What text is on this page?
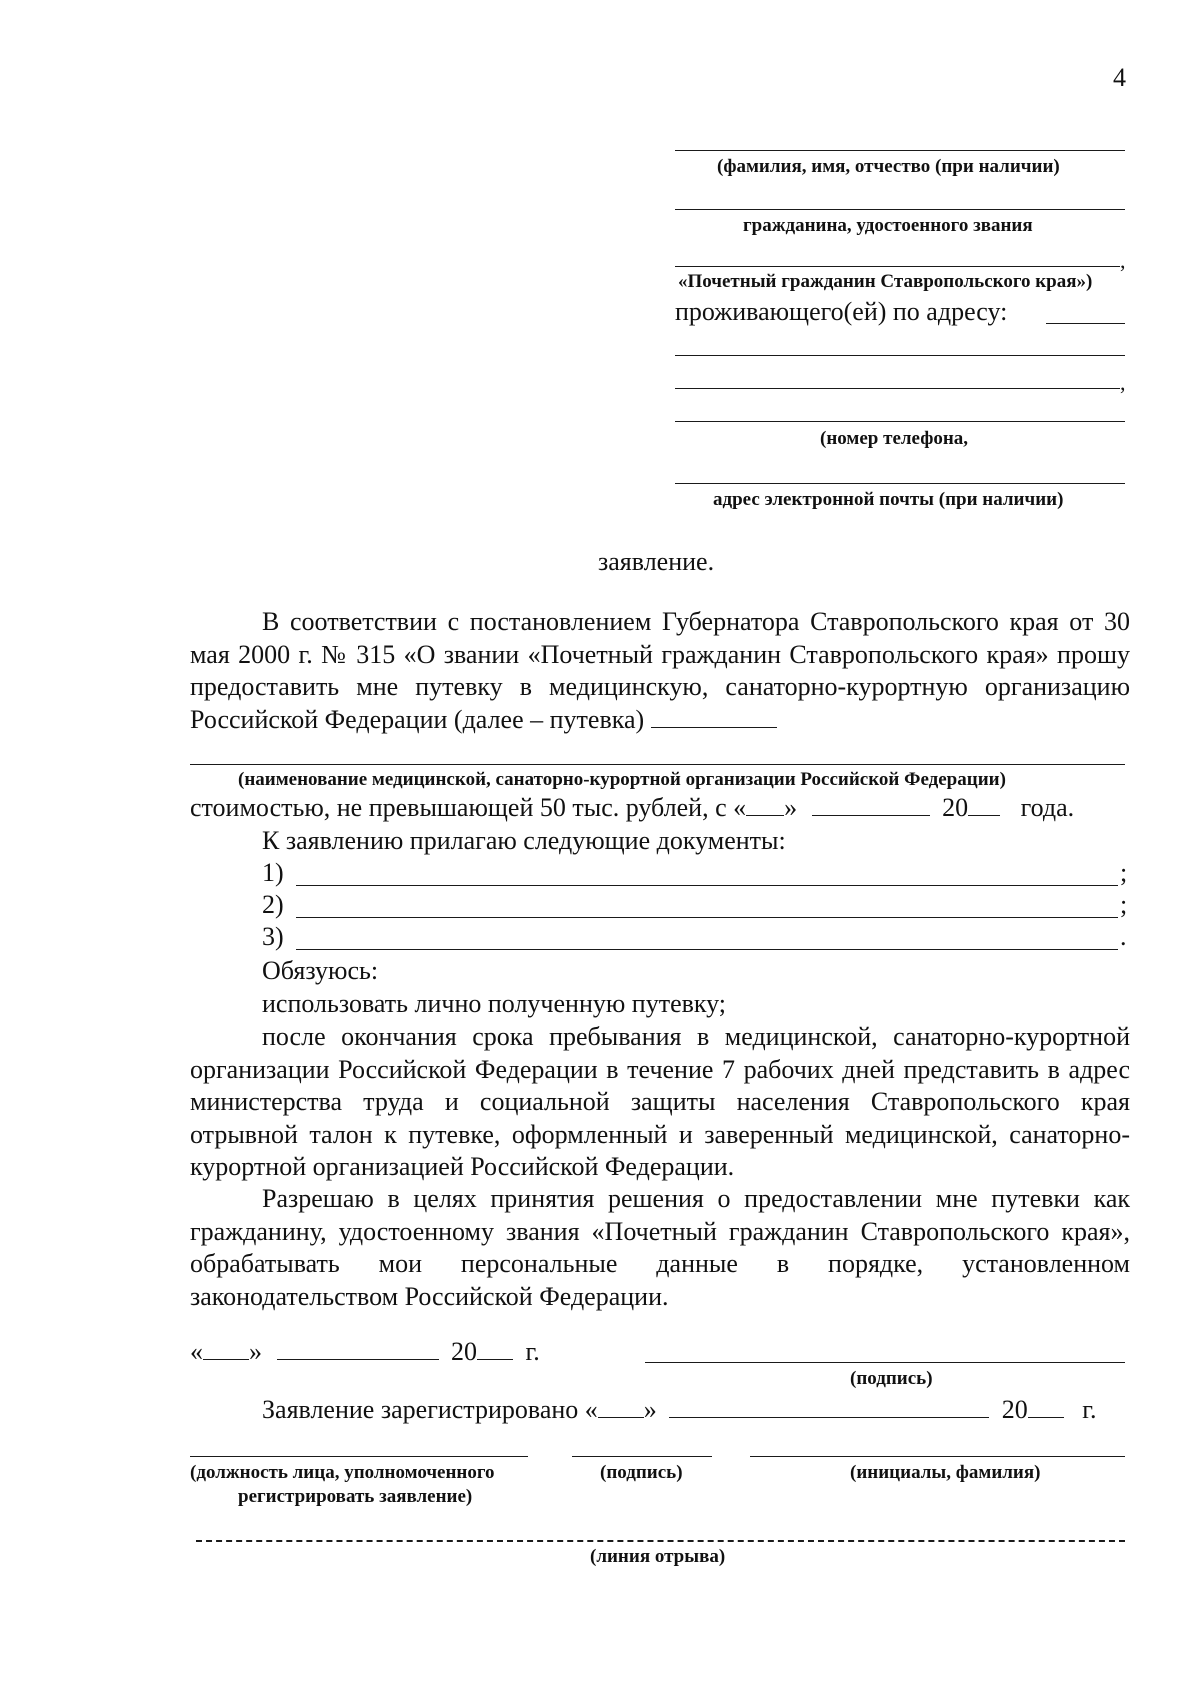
4
(фамилия, имя, отчество (при наличии)
гражданина, удостоенного звания
,
«Почетный гражданин Ставропольского края»)
проживающего(ей) по адресу:
,
(номер телефона,
адрес электронной почты (при наличии)
заявление.
В соответствии с постановлением Губернатора Ставропольского края от 30 мая 2000 г. № 315 «О звании «Почетный гражданин Ставропольского края» прошу предоставить мне путевку в медицинскую, санаторно-курортную организацию Российской Федерации (далее – путевка)
(наименование медицинской, санаторно-курортной организации Российской Федерации)
стоимостью, не превышающей 50 тыс. рублей, с « »	20 года.
К заявлению прилагаю следующие документы:
1)	;
2)	;
3)	.
Обязуюсь:
использовать лично полученную путевку;
после окончания срока пребывания в медицинской, санаторно-курортной организации Российской Федерации в течение 7 рабочих дней представить в адрес министерства труда и социальной защиты населения Ставропольского края отрывной талон к путевке, оформленный и заверенный медицинской, санаторно-курортной организацией Российской Федерации.
Разрешаю в целях принятия решения о предоставлении мне путевки как гражданину, удостоенному звания «Почетный гражданин Ставропольского края», обрабатывать мои персональные данные в порядке, установленном законодательством Российской Федерации.
« »	20 г.
(подпись)
Заявление зарегистрировано « »	20 г.
(должность лица, уполномоченного
регистрировать заявление)
(подпись)	(инициалы, фамилия)
(линия отрыва)
